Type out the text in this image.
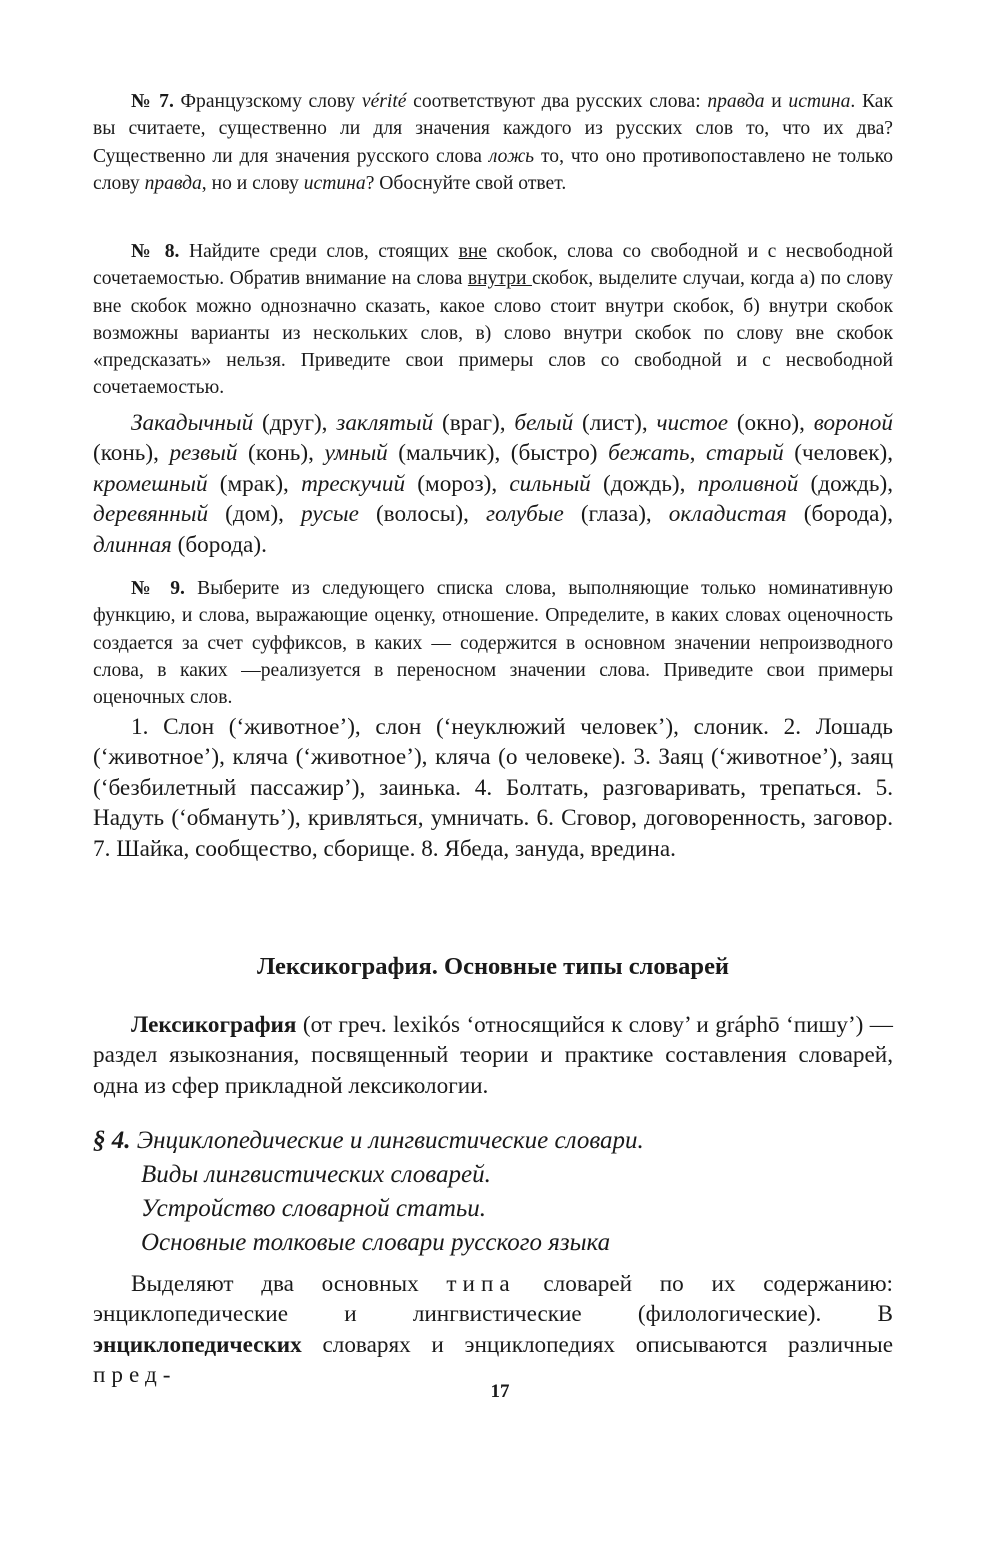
№ 7. Французскому слову vérité соответствуют два русских слова: правда и истина. Как вы считаете, существенно ли для значения каждого из русских слов то, что их два? Существенно ли для значения русского слова ложь то, что оно противопоставлено не только слову правда, но и слову истина? Обоснуйте свой ответ.

№ 8. Найдите среди слов, стоящих вне скобок, слова со свободной и с несвободной сочетаемостью. Обратив внимание на слова внутри скобок, выделите случаи, когда а) по слову вне скобок можно однозначно сказать, какое слово стоит внутри скобок, б) внутри скобок возможны варианты из нескольких слов, в) слово внутри скобок по слову вне скобок «предсказать» нельзя. Приведите свои примеры слов со свободной и с несвободной сочетаемостью.

Закадычный (друг), заклятый (враг), белый (лист), чистое (окно), вороной (конь), резвый (конь), умный (мальчик), (быстро) бежать, старый (человек), кромешный (мрак), трескучий (мороз), сильный (дождь), проливной (дождь), деревянный (дом), русые (волосы), голубые (глаза), окладистая (борода), длинная (борода).

№ 9. Выберите из следующего списка слова, выполняющие только номинативную функцию, и слова, выражающие оценку, отношение. Определите, в каких словах оценочность создается за счет суффиксов, в каких — содержится в основном значении непроизводного слова, в каких —реализуется в переносном значении слова. Приведите свои примеры оценочных слов.

1. Слон (‘животное’), слон (‘неуклюжий человек’), слоник. 2. Лошадь (‘животное’), кляча (‘животное’), кляча (о человеке). 3. Заяц (‘животное’), заяц (‘безбилетный пассажир’), заинька. 4. Болтать, разговаривать, трепаться. 5. Надуть (‘обмануть’), кривляться, умничать. 6. Сговор, договоренность, заговор. 7. Шайка, сообщество, сборище. 8. Ябеда, зануда, вредина.

Лексикография. Основные типы словарей

Лексикография (от греч. lexikós ‘относящийся к слову’ и gráphō ‘пишу’) — раздел языкознания, посвященный теории и практике составления словарей, одна из сфер прикладной лексикологии.

§ 4. Энциклопедические и лингвистические словари.
Виды лингвистических словарей.
Устройство словарной статьи.
Основные толковые словари русского языка

Выделяют два основных типа словарей по их содержанию: энциклопедические и лингвистические (филологические). В энциклопедических словарях и энциклопедиях описываются различные пред-

17
